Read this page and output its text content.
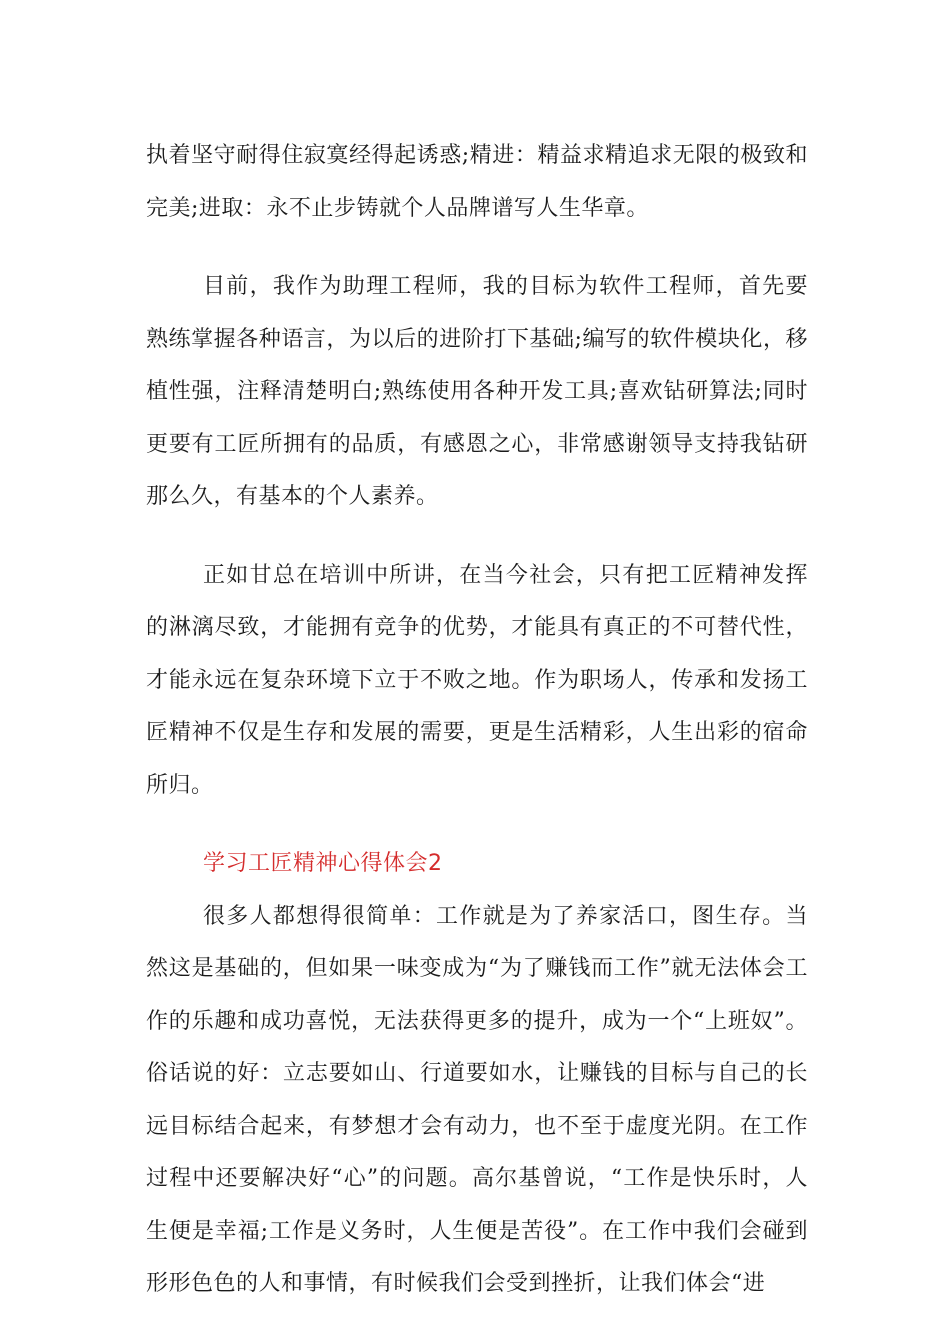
执着坚守耐得住寂寞经得起诱惑;精进：精益求精追求无限的极致和完美;进取：永不止步铸就个人品牌谱写人生华章。

目前，我作为助理工程师，我的目标为软件工程师，首先要熟练掌握各种语言，为以后的进阶打下基础;编写的软件模块化，移植性强，注释清楚明白;熟练使用各种开发工具;喜欢钻研算法;同时更要有工匠所拥有的品质，有感恩之心，非常感谢领导支持我钻研那么久，有基本的个人素养。

正如甘总在培训中所讲，在当今社会，只有把工匠精神发挥的淋漓尽致，才能拥有竞争的优势，才能具有真正的不可替代性，才能永远在复杂环境下立于不败之地。作为职场人，传承和发扬工匠精神不仅是生存和发展的需要，更是生活精彩，人生出彩的宿命所归。

学习工匠精神心得体会2

很多人都想得很简单：工作就是为了养家活口，图生存。当然这是基础的，但如果一味变成为“为了赚钱而工作”就无法体会工作的乐趣和成功喜悦，无法获得更多的提升，成为一个“上班奴”。俗话说的好：立志要如山、行道要如水，让赚钱的目标与自己的长远目标结合起来，有梦想才会有动力，也不至于虚度光阴。在工作过程中还要解决好“心”的问题。高尔基曾说，“工作是快乐时，人生便是幸福;工作是义务时，人生便是苦役”。在工作中我们会碰到形形色色的人和事情，有时候我们会受到挫折，让我们体会“进
